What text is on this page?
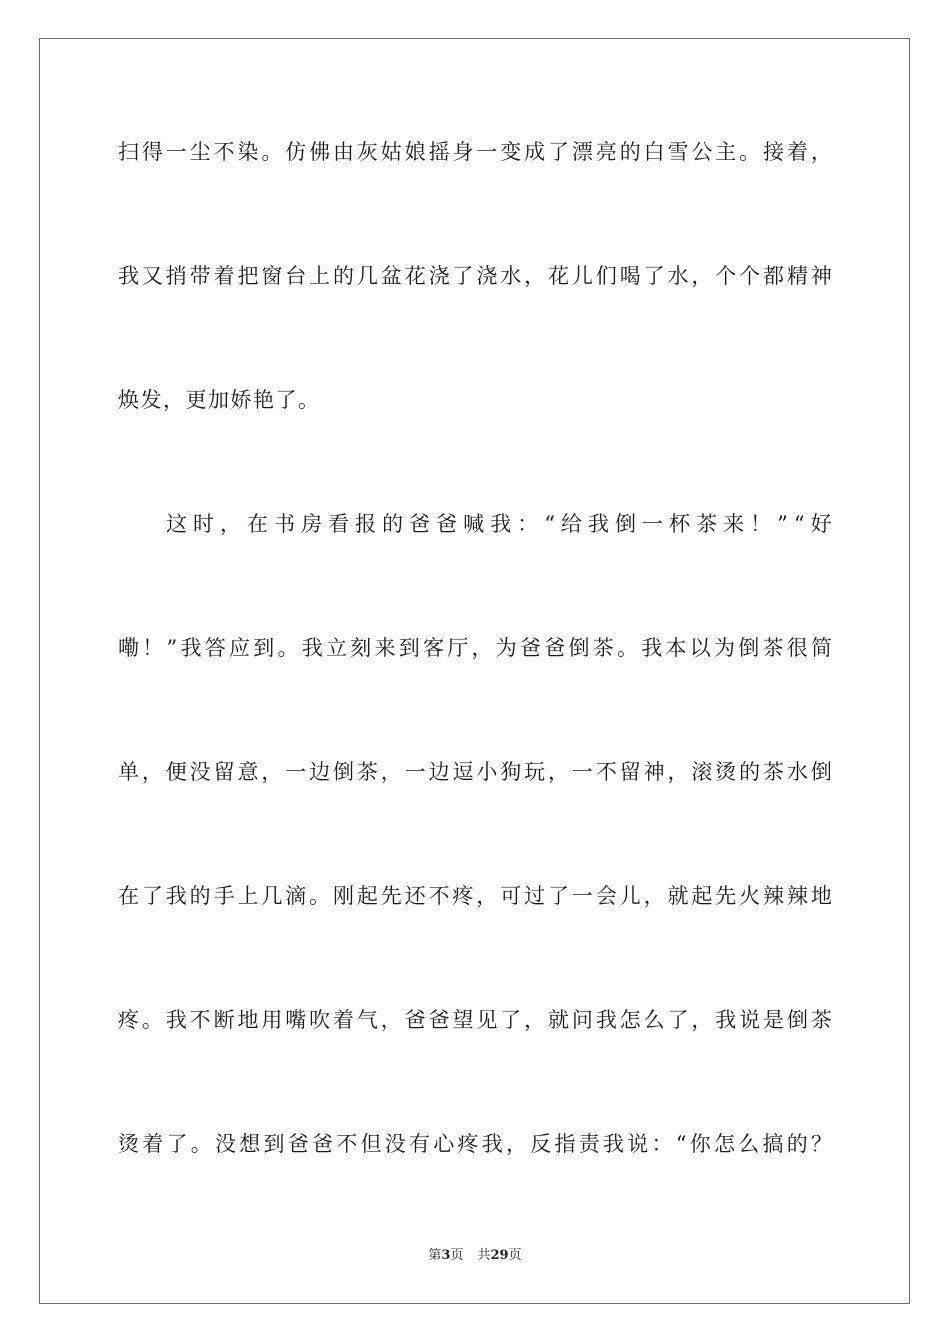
扫 得 一 尘 不 染 。 仿 佛 由 灰 姑 娘 摇 身 一 变 成 了 漂 亮 的 白 雪 公 主 。 接 着 ，
我 又 捎 带 着 把 窗 台 上 的 几 盆 花 浇 了 浇 水 ， 花 儿 们 喝 了 水 ， 个 个 都 精 神
焕发，更加娇艳了。
这 时 ， 在 书 房 看 报 的 爸 爸 喊 我 ： “ 给 我 倒 一 杯 茶 来 ！ ” “ 好
嘞 ！ ” 我 答 应 到 。 我 立 刻 来 到 客 厅 ， 为 爸 爸 倒 茶 。 我 本 以 为 倒 茶 很 简
单 ， 便 没 留 意 ， 一 边 倒 茶 ， 一 边 逗 小 狗 玩 ， 一 不 留 神 ， 滚 烫 的 茶 水 倒
在 了 我 的 手 上 几 滴 。 刚 起 先 还 不 疼 ， 可 过 了 一 会 儿 ， 就 起 先 火 辣 辣 地
疼 。 我 不 断 地 用 嘴 吹 着 气 ， 爸 爸 望 见 了 ， 就 问 我 怎 么 了 ， 我 说 是 倒 茶
烫 着 了 。 没 想 到 爸 爸 不 但 没 有 心 疼 我 ， 反 指 责 我 说 ： “ 你 怎 么 搞 的 ？
第3页 共29页
